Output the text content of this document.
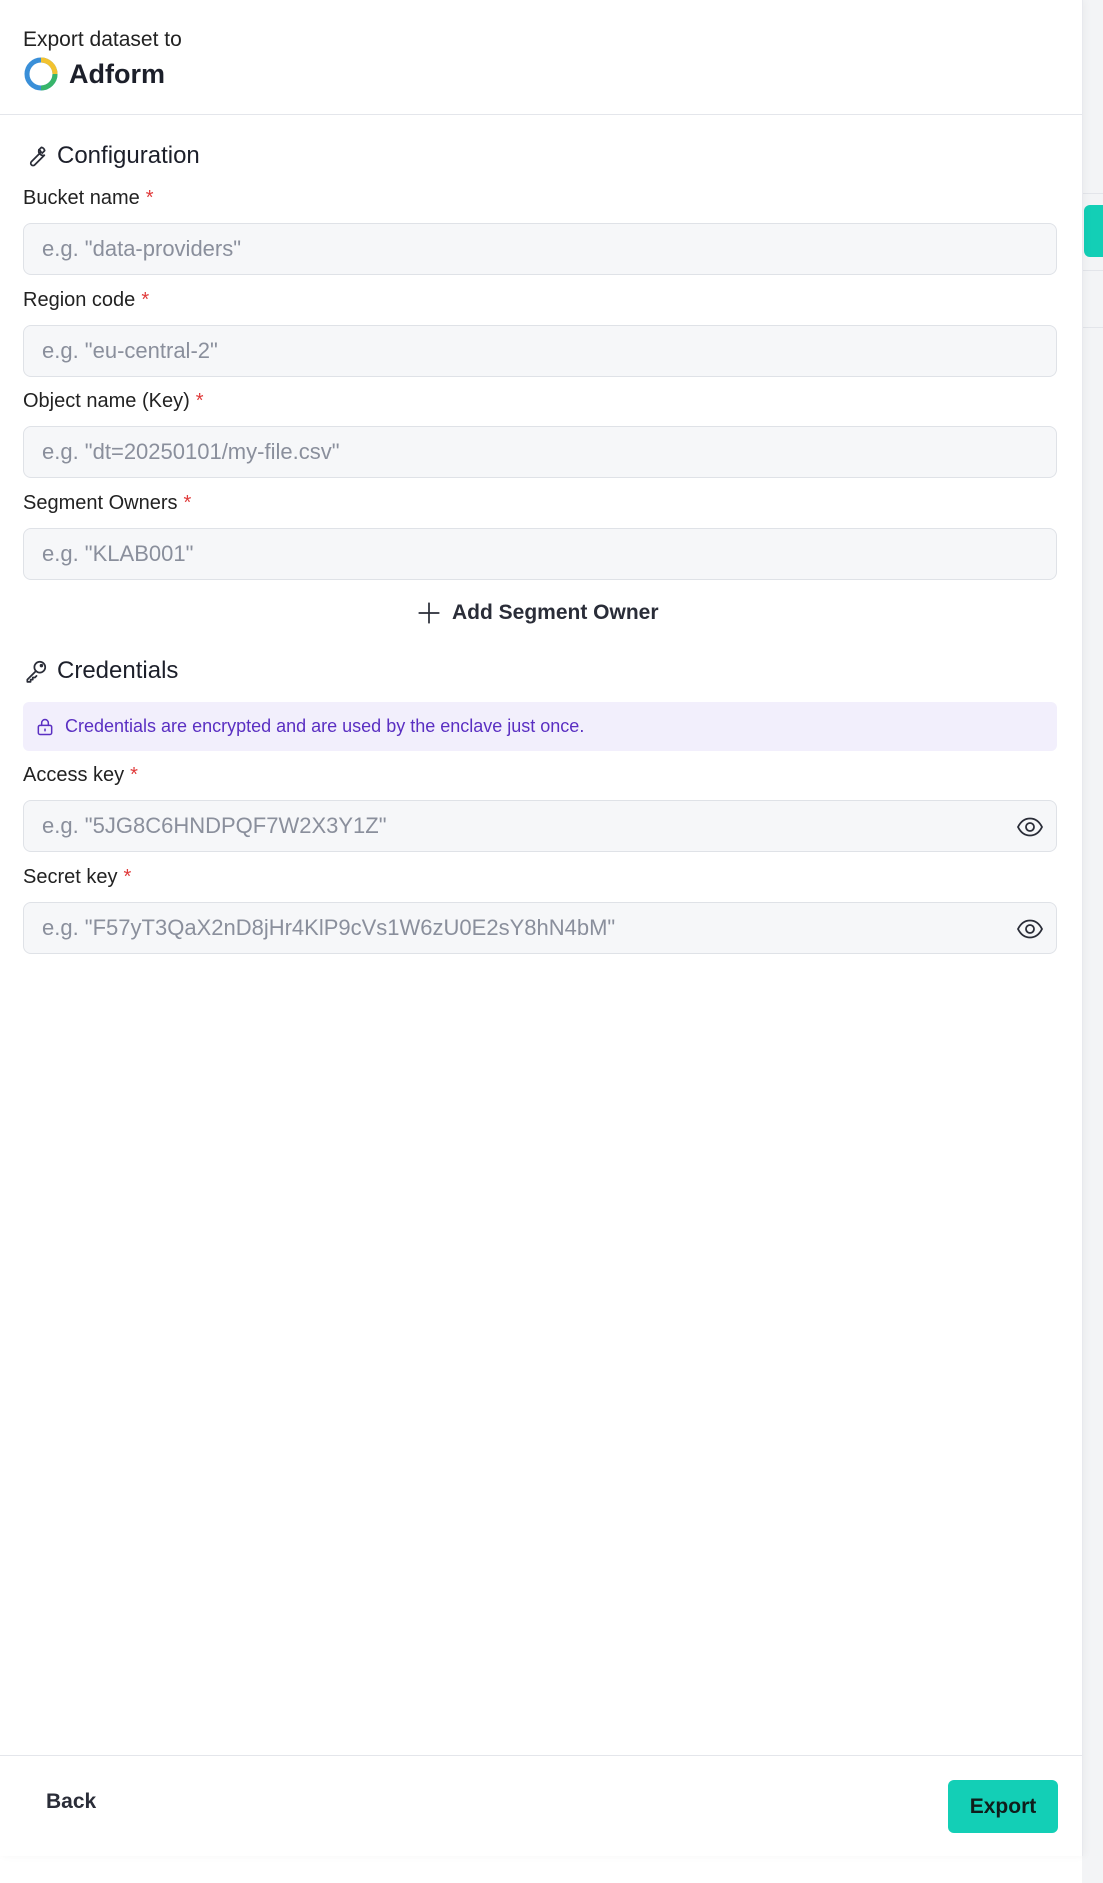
Export dataset to
Adform
Configuration
Bucket name *
e.g. "data-providers"
Region code *
e.g. "eu-central-2"
Object name (Key) *
e.g. "dt=20250101/my-file.csv"
Segment Owners *
e.g. "KLAB001"
Add Segment Owner
Credentials
Credentials are encrypted and are used by the enclave just once.
Access key *
Secret key *
Back	Export
